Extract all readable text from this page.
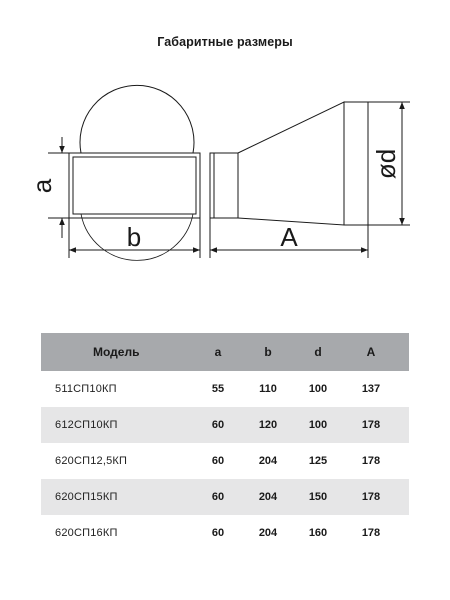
Габаритные размеры
a
b	A
ød
Модель	a	b	d	A
511СП10КП	55	110	100	137
612СП10КП	60	120	100	178
620СП12,5КП	60	204	125	178
620СП15КП	60	204	150	178
620СП16КП	60	204	160	178
